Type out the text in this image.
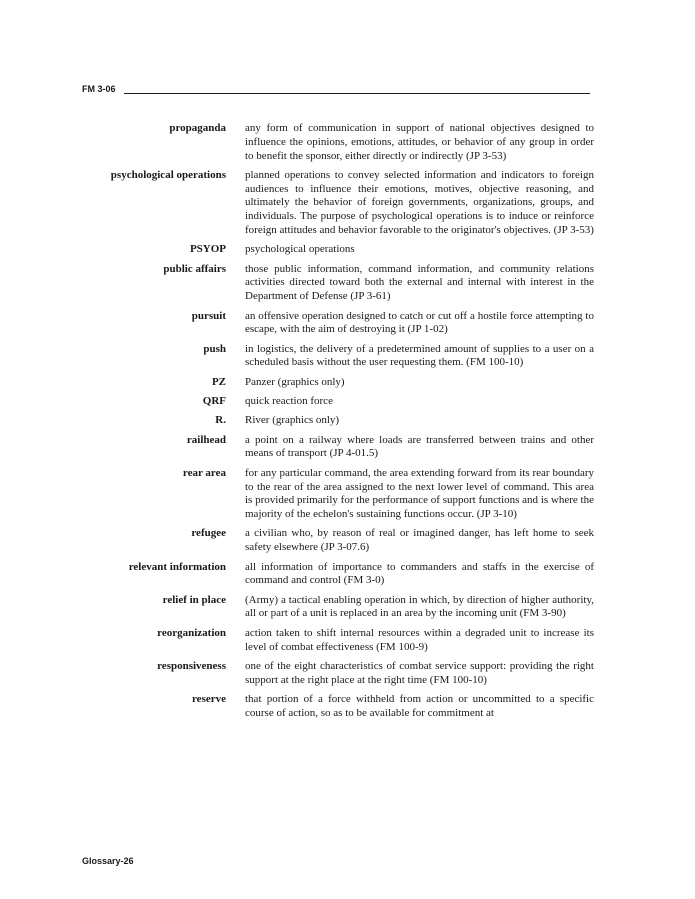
FM 3-06
propaganda any form of communication in support of national objectives designed to influence the opinions, emotions, attitudes, or behavior of any group in order to benefit the sponsor, either directly or indirectly (JP 3-53)
psychological operations planned operations to convey selected information and indicators to foreign audiences to influence their emotions, motives, objective reasoning, and ultimately the behavior of foreign governments, organizations, groups, and individuals. The purpose of psychological operations is to induce or reinforce foreign attitudes and behavior favorable to the originator's objectives. (JP 3-53)
PSYOP psychological operations
public affairs those public information, command information, and community relations activities directed toward both the external and internal with interest in the Department of Defense (JP 3-61)
pursuit an offensive operation designed to catch or cut off a hostile force attempting to escape, with the aim of destroying it (JP 1-02)
push in logistics, the delivery of a predetermined amount of supplies to a user on a scheduled basis without the user requesting them. (FM 100-10)
PZ Panzer (graphics only)
QRF quick reaction force
R. River (graphics only)
railhead a point on a railway where loads are transferred between trains and other means of transport (JP 4-01.5)
rear area for any particular command, the area extending forward from its rear boundary to the rear of the area assigned to the next lower level of command. This area is provided primarily for the performance of support functions and is where the majority of the echelon's sustaining functions occur. (JP 3-10)
refugee a civilian who, by reason of real or imagined danger, has left home to seek safety elsewhere (JP 3-07.6)
relevant information all information of importance to commanders and staffs in the exercise of command and control (FM 3-0)
relief in place (Army) a tactical enabling operation in which, by direction of higher authority, all or part of a unit is replaced in an area by the incoming unit (FM 3-90)
reorganization action taken to shift internal resources within a degraded unit to increase its level of combat effectiveness (FM 100-9)
responsiveness one of the eight characteristics of combat service support: providing the right support at the right place at the right time (FM 100-10)
reserve that portion of a force withheld from action or uncommitted to a specific course of action, so as to be available for commitment at
Glossary-26
